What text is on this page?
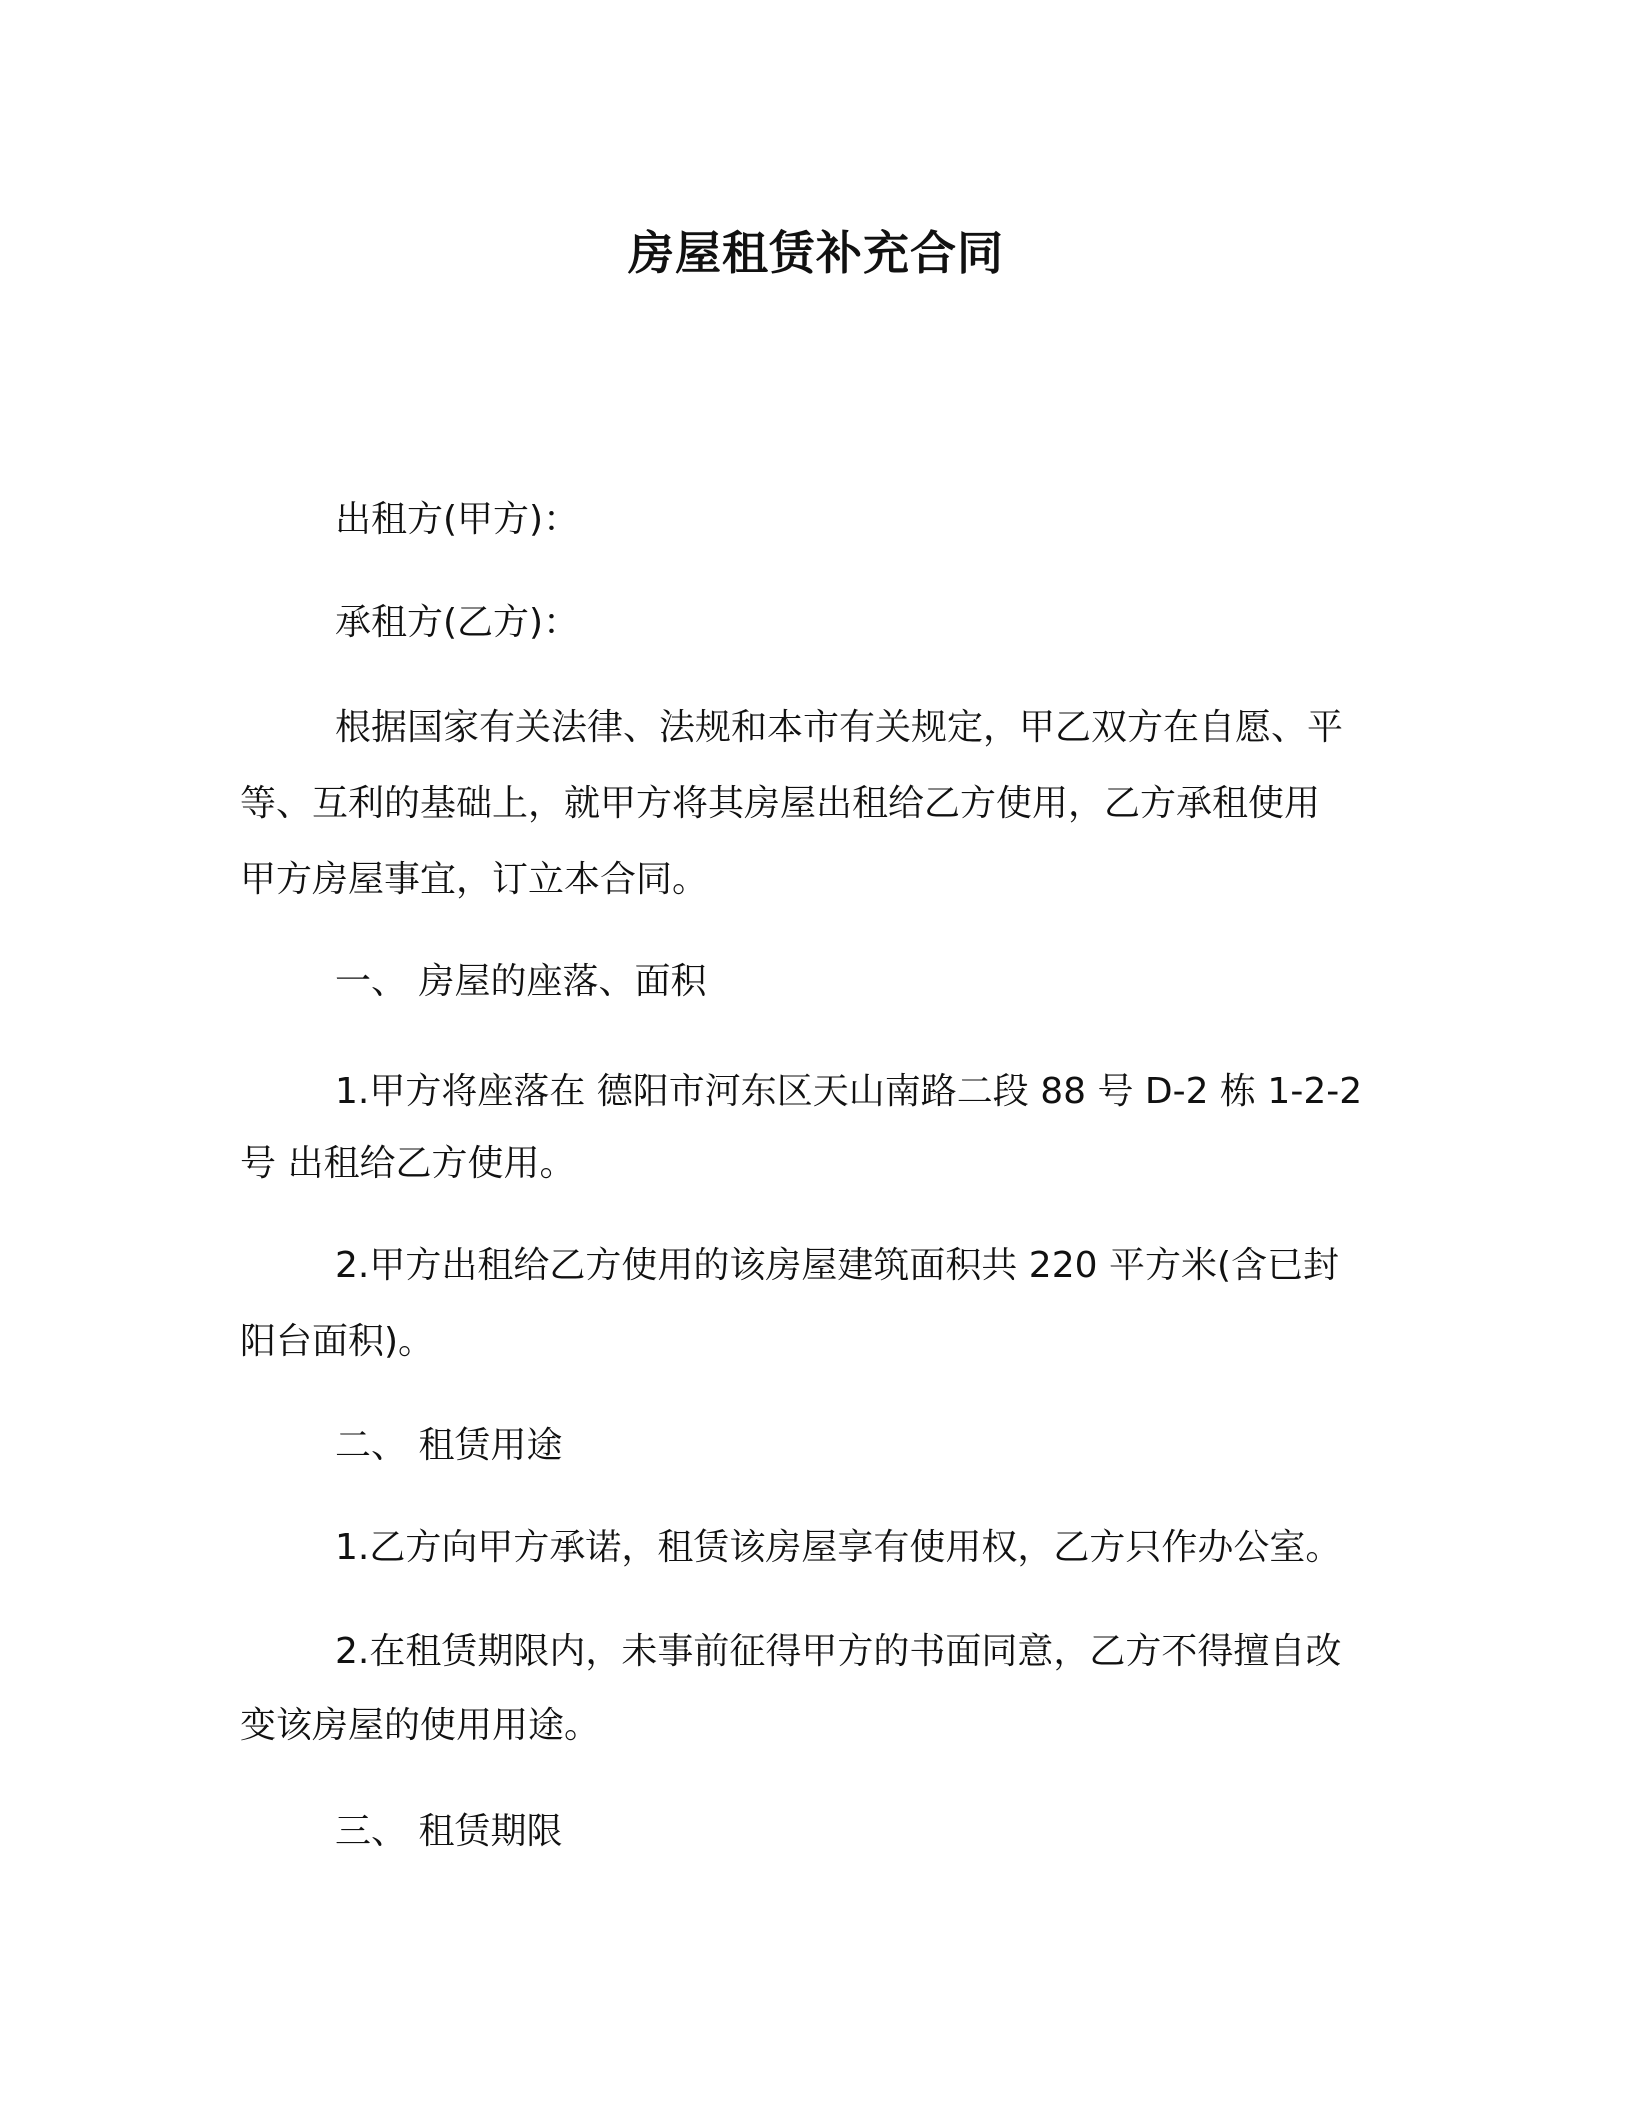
房屋租赁补充合同
出租方(甲方)：
承租方(乙方)：
根据国家有关法律、法规和本市有关规定，甲乙双方在自愿、平
等、互利的基础上，就甲方将其房屋出租给乙方使用，乙方承租使用
甲方房屋事宜，订立本合同。
一、 房屋的座落、面积
1.甲方将座落在 德阳市河东区天山南路二段 88 号 D-2 栋 1-2-2
号 出租给乙方使用。
2.甲方出租给乙方使用的该房屋建筑面积共 220 平方米(含已封
阳台面积)。
二、 租赁用途
1.乙方向甲方承诺，租赁该房屋享有使用权，乙方只作办公室。
2.在租赁期限内，未事前征得甲方的书面同意，乙方不得擅自改
变该房屋的使用用途。
三、 租赁期限
